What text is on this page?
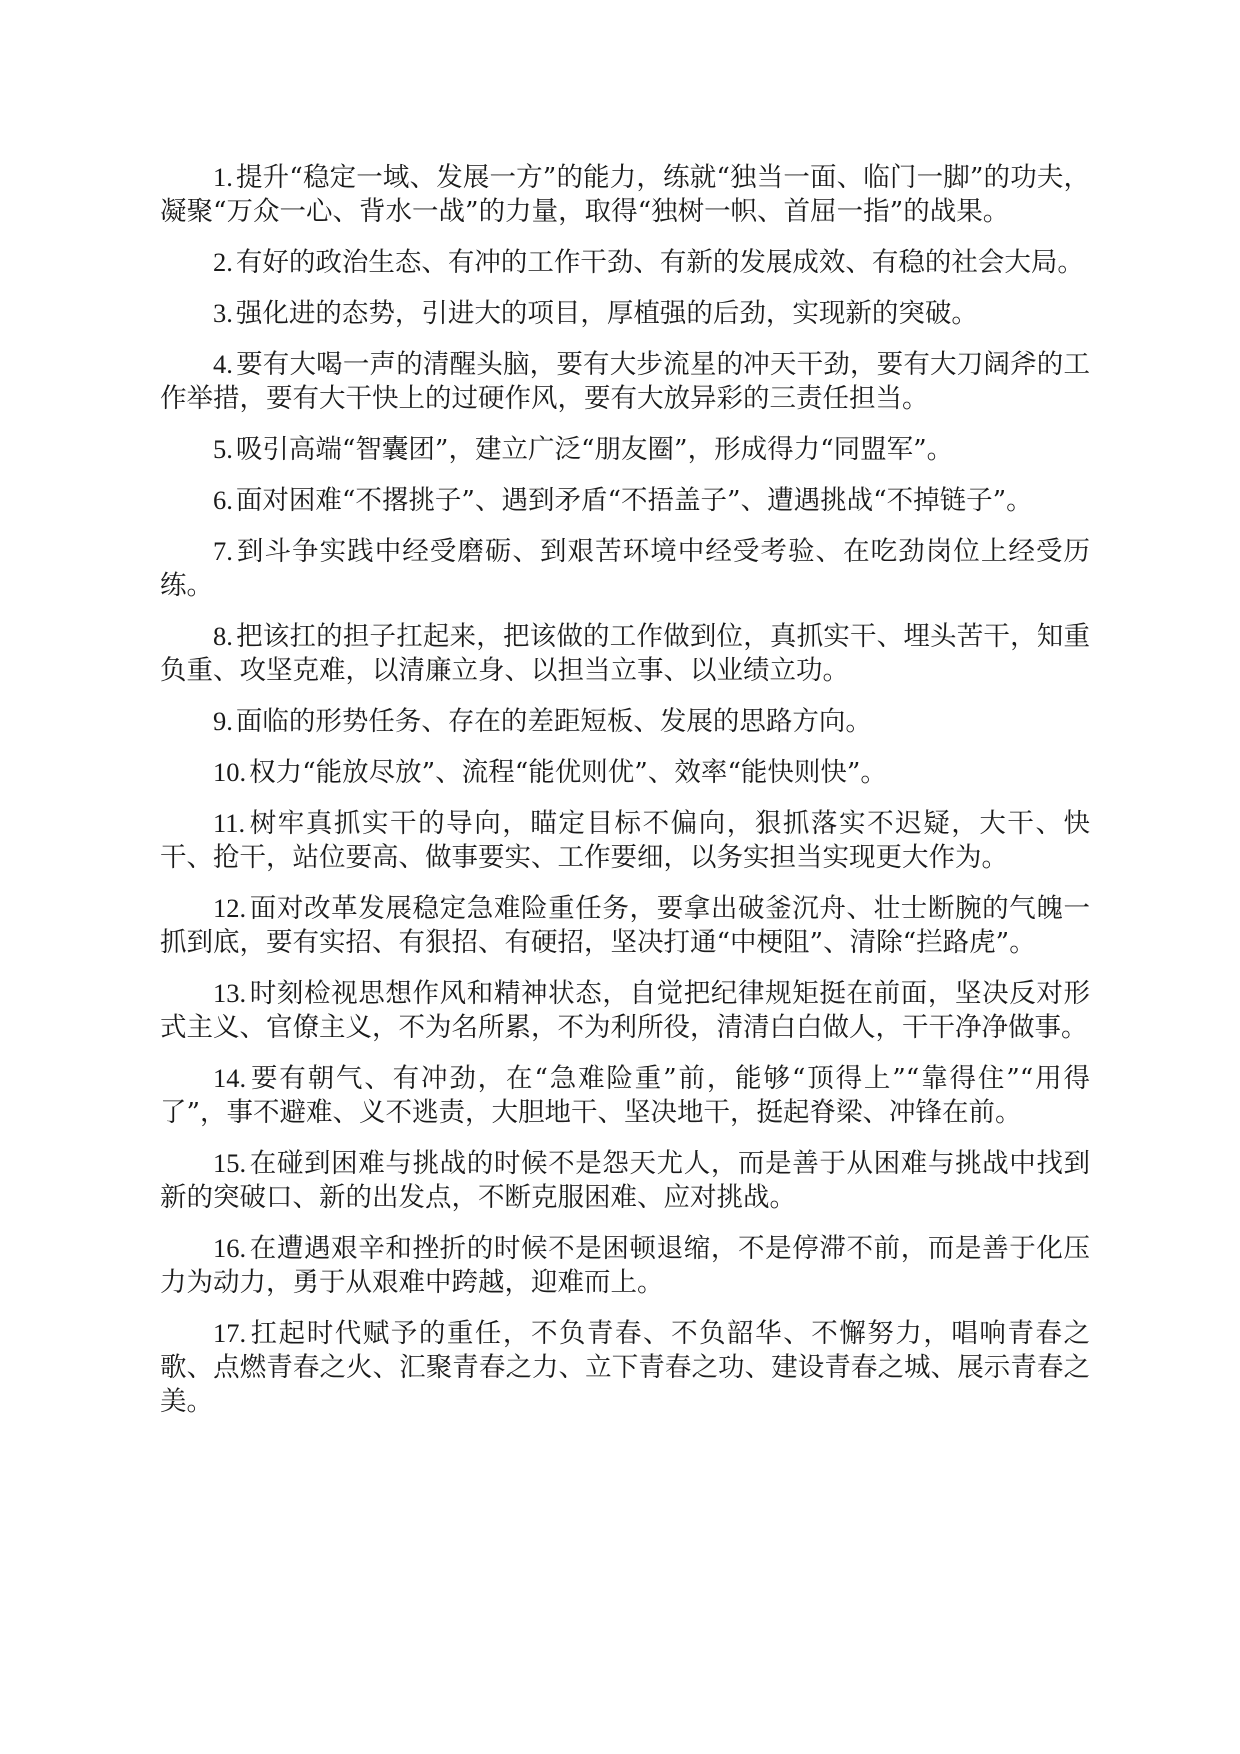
1. 提升“稳定一域、发展一方”的能力，练就“独当一面、临门一脚”的功夫，凝聚“万众一心、背水一战”的力量，取得“独树一帜、首屈一指”的战果。

2. 有好的政治生态、有冲的工作干劲、有新的发展成效、有稳的社会大局。

3. 强化进的态势，引进大的项目，厚植强的后劲，实现新的突破。

4. 要有大喝一声的清醒头脑，要有大步流星的冲天干劲，要有大刀阔斧的工作举措，要有大干快上的过硬作风，要有大放异彩的三责任担当。

5. 吸引高端“智囊团”，建立广泛“朋友圈”，形成得力“同盟军”。

6. 面对困难“不撂挑子”、遇到矛盾“不捂盖子”、遭遇挑战“不掉链子”。

7. 到斗争实践中经受磨砺、到艰苦环境中经受考验、在吃劲岗位上经受历练。

8. 把该扛的担子扛起来，把该做的工作做到位，真抓实干、埋头苦干，知重负重、攻坚克难，以清廉立身、以担当立事、以业绩立功。

9. 面临的形势任务、存在的差距短板、发展的思路方向。

10. 权力“能放尽放”、流程“能优则优”、效率“能快则快”。

11. 树牢真抓实干的导向，瞄定目标不偏向，狠抓落实不迟疑，大干、快干、抢干，站位要高、做事要实、工作要细，以务实担当实现更大作为。

12. 面对改革发展稳定急难险重任务，要拿出破釜沉舟、壮士断腕的气魄一抓到底，要有实招、有狠招、有硬招，坚决打通“中梗阻”、清除“拦路虎”。

13. 时刻检视思想作风和精神状态，自觉把纪律规矩挺在前面，坚决反对形式主义、官僚主义，不为名所累，不为利所役，清清白白做人，干干净净做事。

14. 要有朝气、有冲劲，在“急难险重”前，能够“顶得上”“靠得住”“用得了”，事不避难、义不逃责，大胆地干、坚决地干，挺起脊梁、冲锋在前。

15. 在碰到困难与挑战的时候不是怨天尤人，而是善于从困难与挑战中找到新的突破口、新的出发点，不断克服困难、应对挑战。

16. 在遭遇艰辛和挫折的时候不是困顿退缩，不是停滞不前，而是善于化压力为动力，勇于从艰难中跨越，迎难而上。

17. 扛起时代赋予的重任，不负青春、不负韶华、不懈努力，唱响青春之歌、点燃青春之火、汇聚青春之力、立下青春之功、建设青春之城、展示青春之美。
